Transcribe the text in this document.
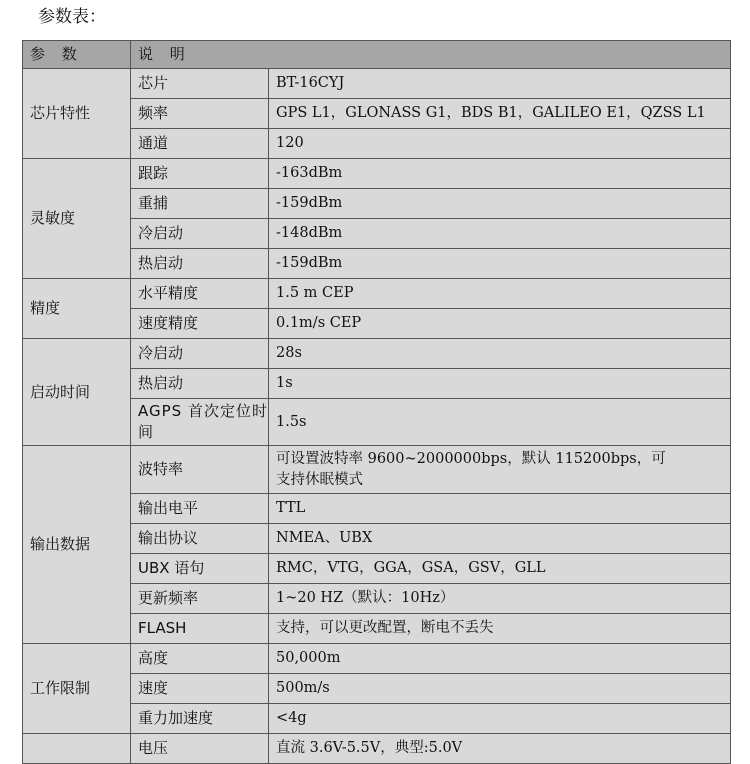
参数表：
参 数	说 明	
芯片特性	芯片	BT-16CYJ
	频率	GPS L1，GLONASS G1，BDS B1，GALILEO E1，QZSS L1
	通道	120
灵敏度	跟踪	-163dBm
	重捕	-159dBm
	冷启动	-148dBm
	热启动	-159dBm
精度	水平精度	1.5 m CEP
	速度精度	0.1m/s CEP
启动时间	冷启动	28s
	热启动	1s
	AGPS 首次定位时间	1.5s
输出数据	波特率	可设置波特率 9600~2000000bps，默认 115200bps，可支持休眠模式
	输出电平	TTL
	输出协议	NMEA、UBX
	UBX 语句	RMC，VTG，GGA，GSA，GSV，GLL
	更新频率	1~20 HZ（默认：10Hz）
	FLASH	支持，可以更改配置，断电不丢失
工作限制	高度	50,000m
	速度	500m/s
	重力加速度	<4g
	电压	直流 3.6V-5.5V，典型:5.0V
